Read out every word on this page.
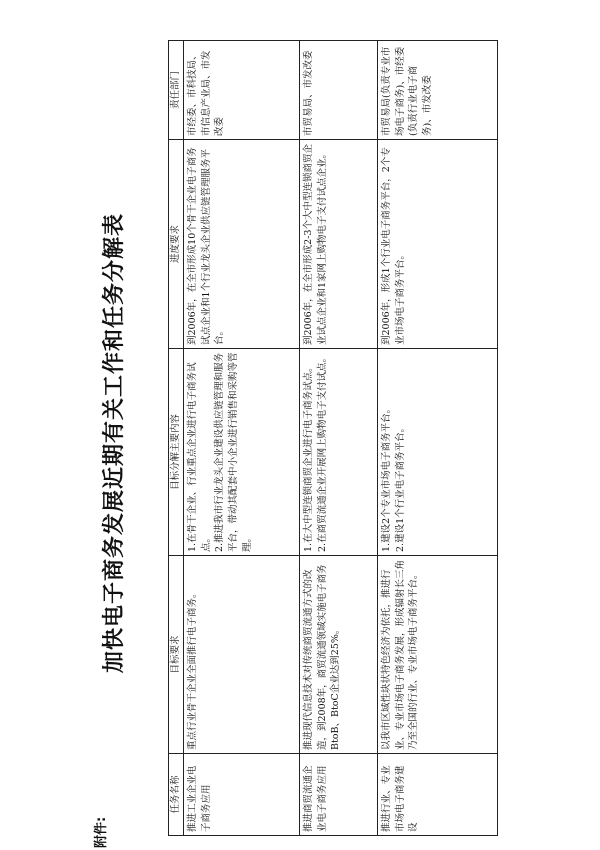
附件:
加快电子商务发展近期有关工作和任务分解表
任务名称	目标要求	目标分解主要内容	进度要求	责任部门
推进工业企业电子商务应用	重点行业骨干企业全面推行电子商务。	1.在骨干企业、行业重点企业进行电子商务试点。 2.推进我市行业龙头企业建设供应链管理和服务平台，带动其配套中小企业进行销售和采购等管理。	到2006年，在全市形成10个骨干企业电子商务试点企业和1个行业龙头企业供应链管理服务平台。	市经委、市科技局、市信息产业局、市发改委
推进商贸流通企业电子商务应用	推进现代信息技术对传统商贸流通方式的改造，到2008年，商贸流通领域实施电子商务BtoB、BtoC企业达到25%。	1.在大中型连锁商贸企业进行电子商务试点。 2.在商贸流通企业开展网上购物电子支付试点。	到2006年，在全市形成2-3个大中型连锁商贸企业试点企业和1家网上购物电子支付试点企业。	市贸易局、市发改委
推进行业、专业市场电子商务建设	以我市区域性块状特色经济为依托，推进行业、专业市场电子商务发展，形成辐射长三角乃至全国的行业、专业市场电子商务平台。	1.建设2个专业市场电子商务平台。 2.建设1个行业电子商务平台。	到2006年，形成1个行业电子商务平台，2个专业市场电子商务平台。	市贸易局(负责专业市场电子商务)、市经委(负责行业电子商务)、市发改委
